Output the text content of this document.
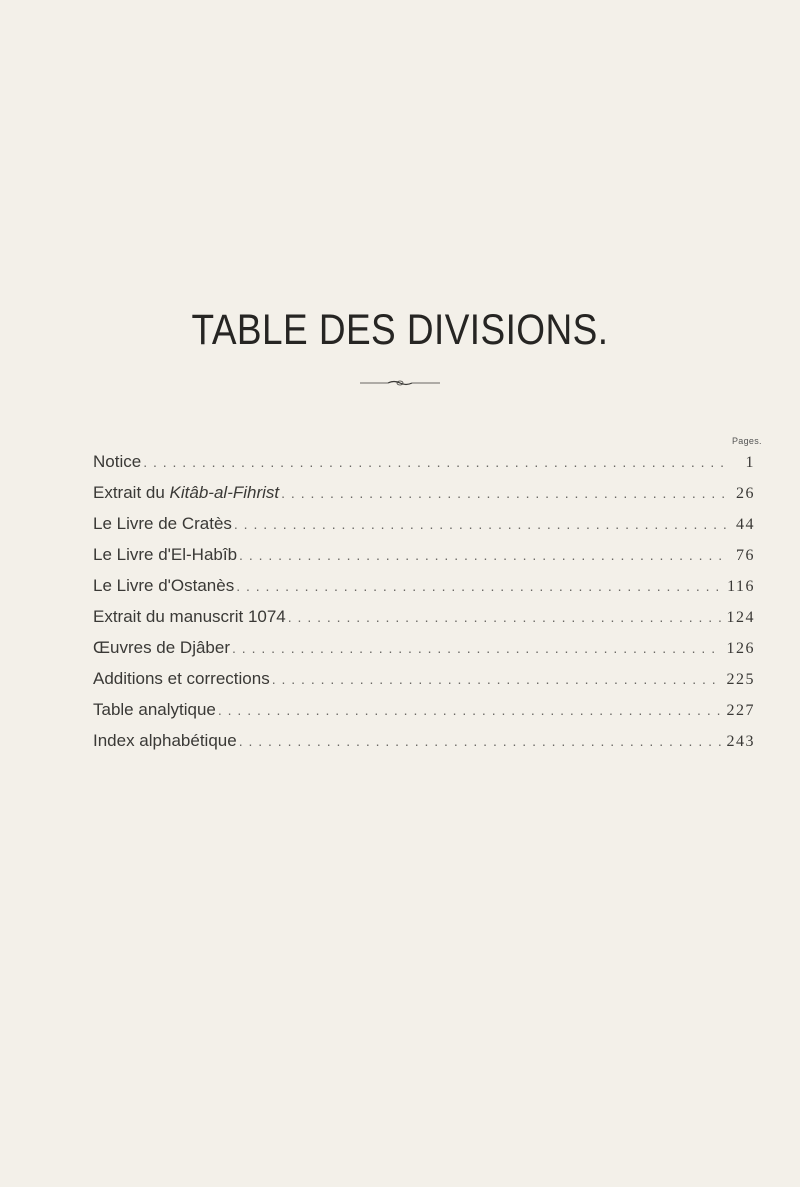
TABLE DES DIVISIONS.
Pages.
Notice . . .	1
Extrait du Kitâb-al-Fihrist . . .	26
Le Livre de Cratès . . .	44
Le Livre d'El-Habîb . . .	76
Le Livre d'Ostanès . . .	116
Extrait du manuscrit 1074 . . .	124
Œuvres de Djâber . . .	126
Additions et corrections . . .	225
Table analytique . . .	227
Index alphabétique . . .	243
